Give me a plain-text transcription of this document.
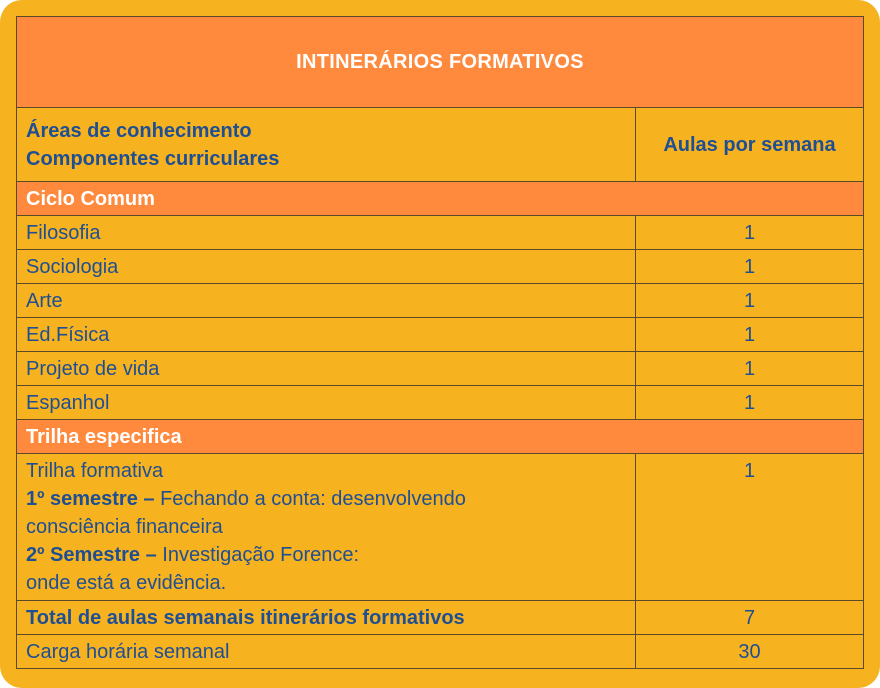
INTINERÁRIOS FORMATIVOS	

Áreas de conhecimento
Componentes curriculares	Aulas por semana
Ciclo Comum	
Filosofia	1
Sociologia	1
Arte	1
Ed.Física	1
Projeto de vida	1
Espanhol	1
Trilha especifica	

Trilha formativa
1º semestre – Fechando a conta: desenvolvendo
consciência financeira
2º Semestre – Investigação Forence:
onde está a evidência.	1
Total de aulas semanais itinerários formativos	7
Carga horária semanal	30
